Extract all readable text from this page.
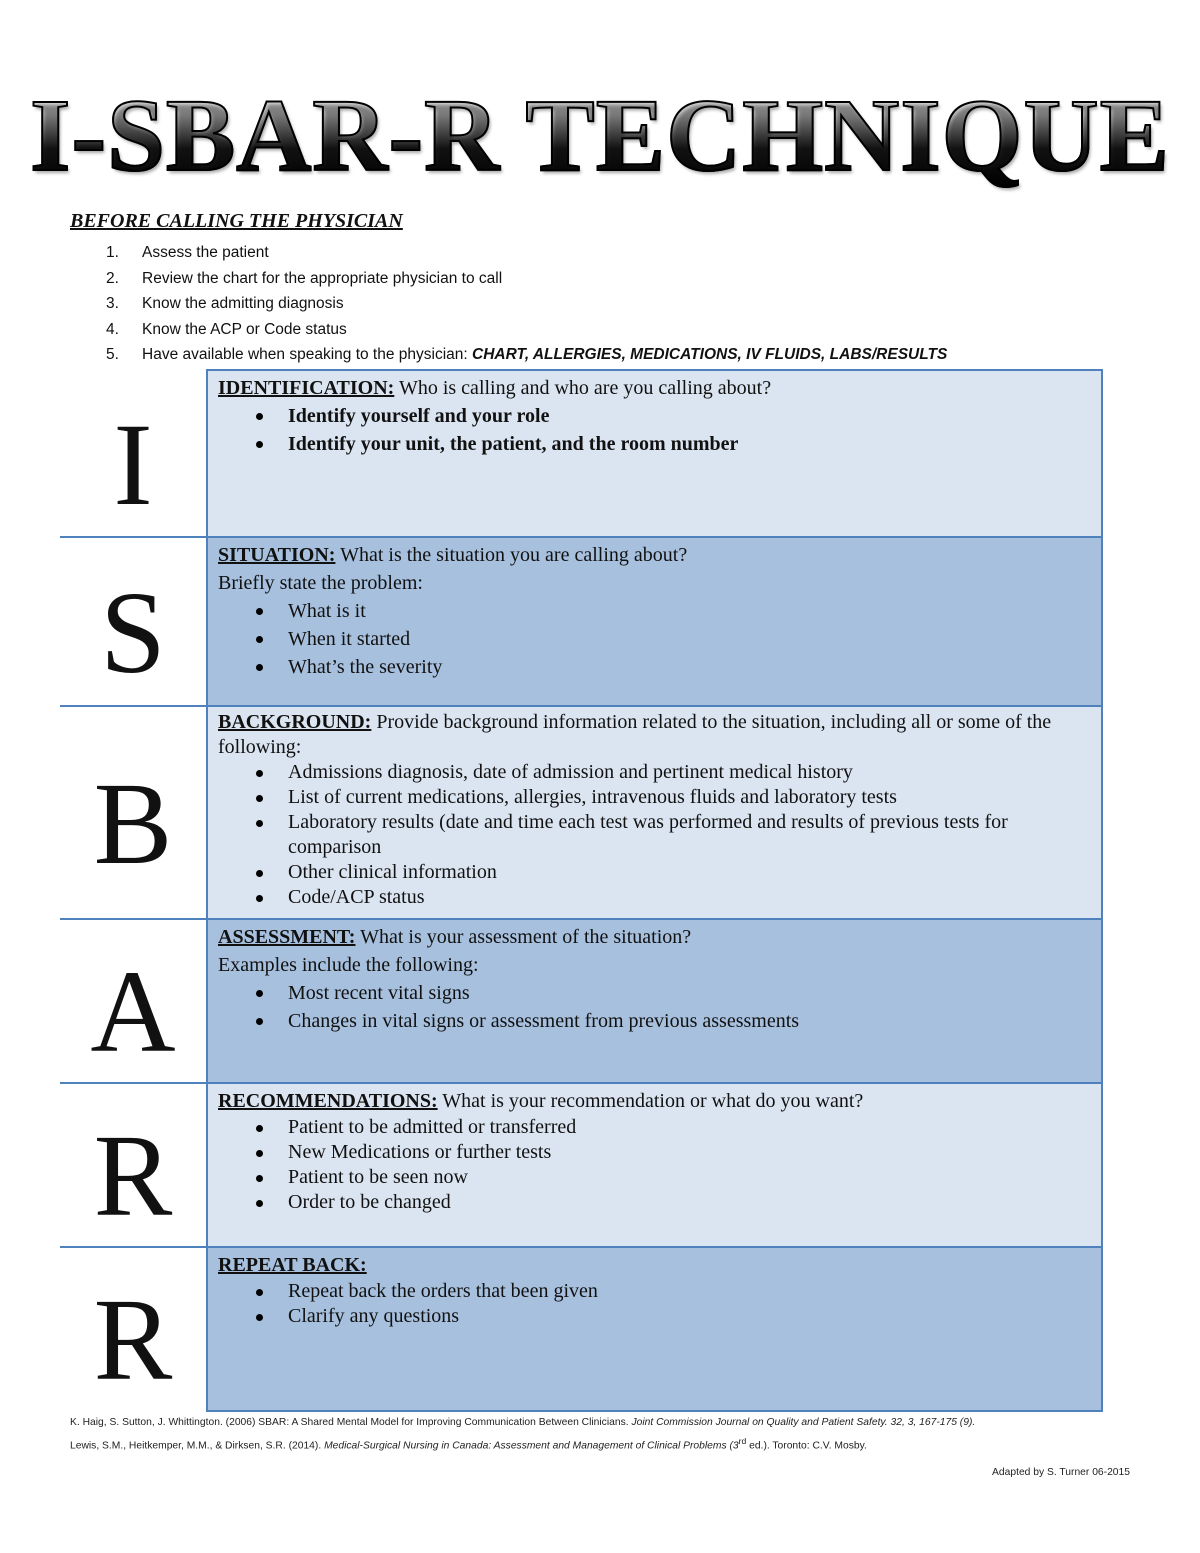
I-SBAR-R TECHNIQUE
BEFORE CALLING THE PHYSICIAN
1. Assess the patient
2. Review the chart for the appropriate physician to call
3. Know the admitting diagnosis
4. Know the ACP or Code status
5. Have available when speaking to the physician: CHART, ALLERGIES, MEDICATIONS, IV FLUIDS, LABS/RESULTS
I
IDENTIFICATION: Who is calling and who are you calling about?
Identify yourself and your role
Identify your unit, the patient, and the room number
S
SITUATION: What is the situation you are calling about?
Briefly state the problem:
What is it
When it started
What’s the severity
B
BACKGROUND: Provide background information related to the situation, including all or some of the following:
Admissions diagnosis, date of admission and pertinent medical history
List of current medications, allergies, intravenous fluids and laboratory tests
Laboratory results (date and time each test was performed and results of previous tests for comparison
Other clinical information
Code/ACP status
A
ASSESSMENT: What is your assessment of the situation?
Examples include the following:
Most recent vital signs
Changes in vital signs or assessment from previous assessments
R
RECOMMENDATIONS: What is your recommendation or what do you want?
Patient to be admitted or transferred
New Medications or further tests
Patient to be seen now
Order to be changed
R
REPEAT BACK:
Repeat back the orders that been given
Clarify any questions
K. Haig, S. Sutton, J. Whittington. (2006) SBAR: A Shared Mental Model for Improving Communication Between Clinicians. Joint Commission Journal on Quality and Patient Safety. 32, 3, 167-175 (9).
Lewis, S.M., Heitkemper, M.M., & Dirksen, S.R. (2014). Medical-Surgical Nursing in Canada: Assessment and Management of Clinical Problems (3rd ed.). Toronto: C.V. Mosby.
Adapted by S. Turner 06-2015
